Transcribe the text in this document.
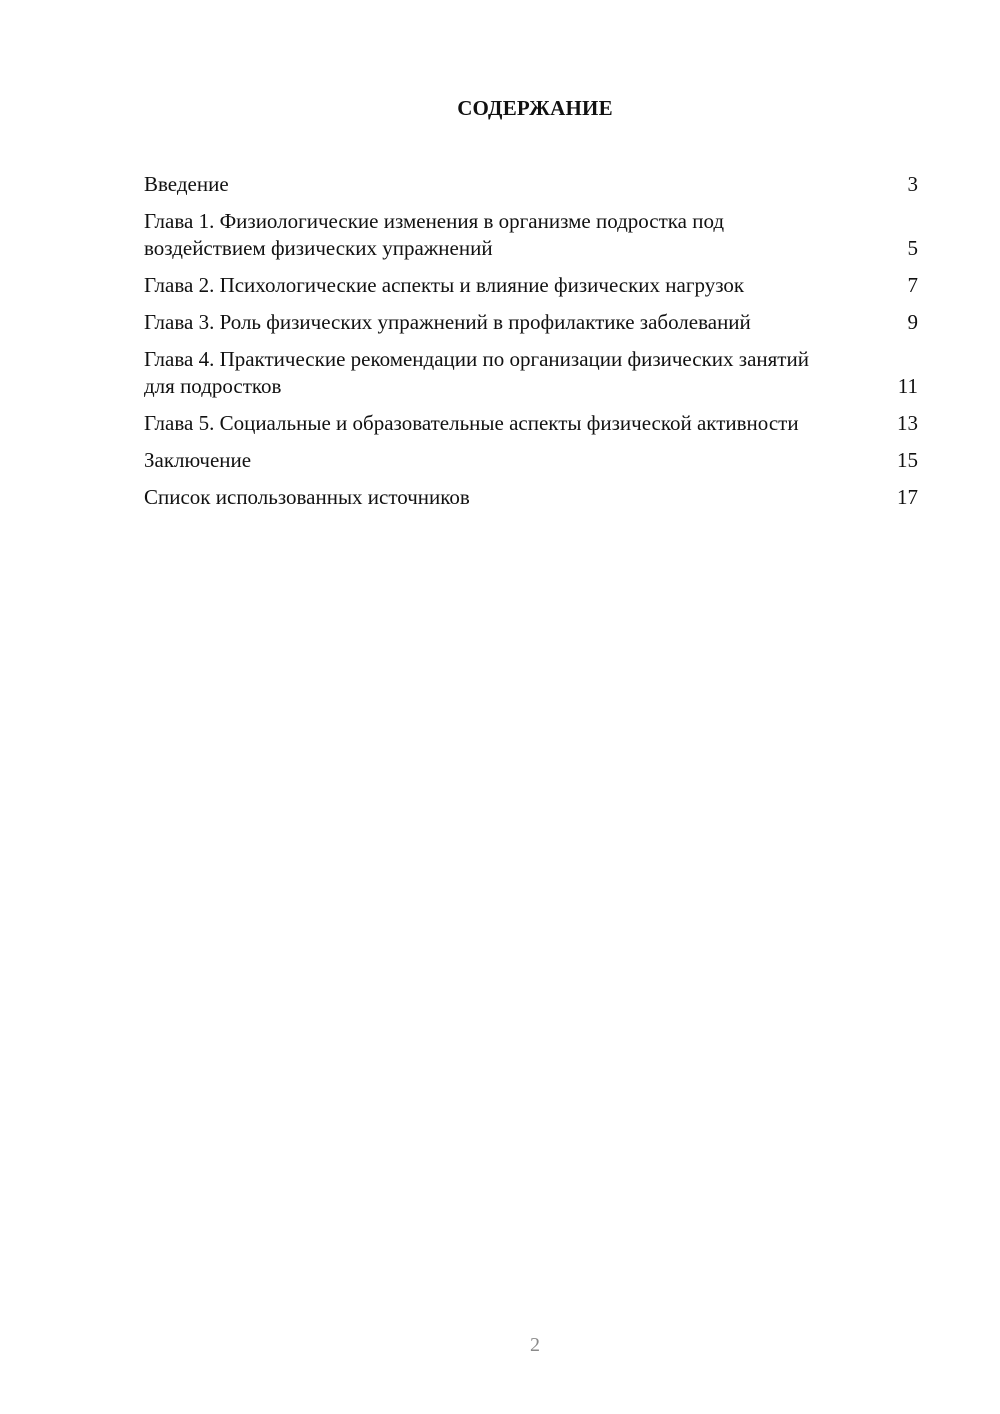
СОДЕРЖАНИЕ
Введение	3
Глава 1. Физиологические изменения в организме подростка под воздействием физических упражнений	5
Глава 2. Психологические аспекты и влияние физических нагрузок	7
Глава 3. Роль физических упражнений в профилактике заболеваний	9
Глава 4. Практические рекомендации по организации физических занятий для подростков	11
Глава 5. Социальные и образовательные аспекты физической активности	13
Заключение	15
Список использованных источников	17
2
